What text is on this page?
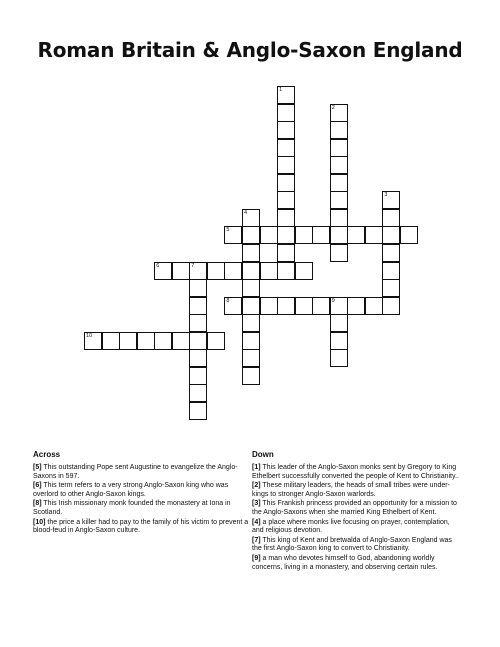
Roman Britain & Anglo-Saxon England
1
2
3
4
5
6	7
8	9
10
Across
[5] This outstanding Pope sent Augustine to evangelize the Anglo-Saxons in 597.
[6] This term refers to a very strong Anglo-Saxon king who was overlord to other Anglo-Saxon kings.
[8] This Irish missionary monk founded the monastery at Iona in Scotland.
[10] the price a killer had to pay to the family of his victim to prevent a blood-feud in Anglo-Saxon culture.
Down
[1] This leader of the Anglo-Saxon monks sent by Gregory to King Ethelbert successfully converted the people of Kent to Christianity..
[2] These military leaders, the heads of small tribes were under-kings to stronger Anglo-Saxon warlords.
[3] This Frankish princess provided an opportunity for a mission to the Anglo-Saxons when she married King Ethelbert of Kent.
[4] a place where monks live focusing on prayer, contemplation, and religious devotion.
[7] This king of Kent and bretwalda of Anglo-Saxon England was the first Anglo-Saxon king to convert to Christianity.
[9] a man who devotes himself to God, abandoning worldly concerns, living in a monastery, and observing certain rules.
